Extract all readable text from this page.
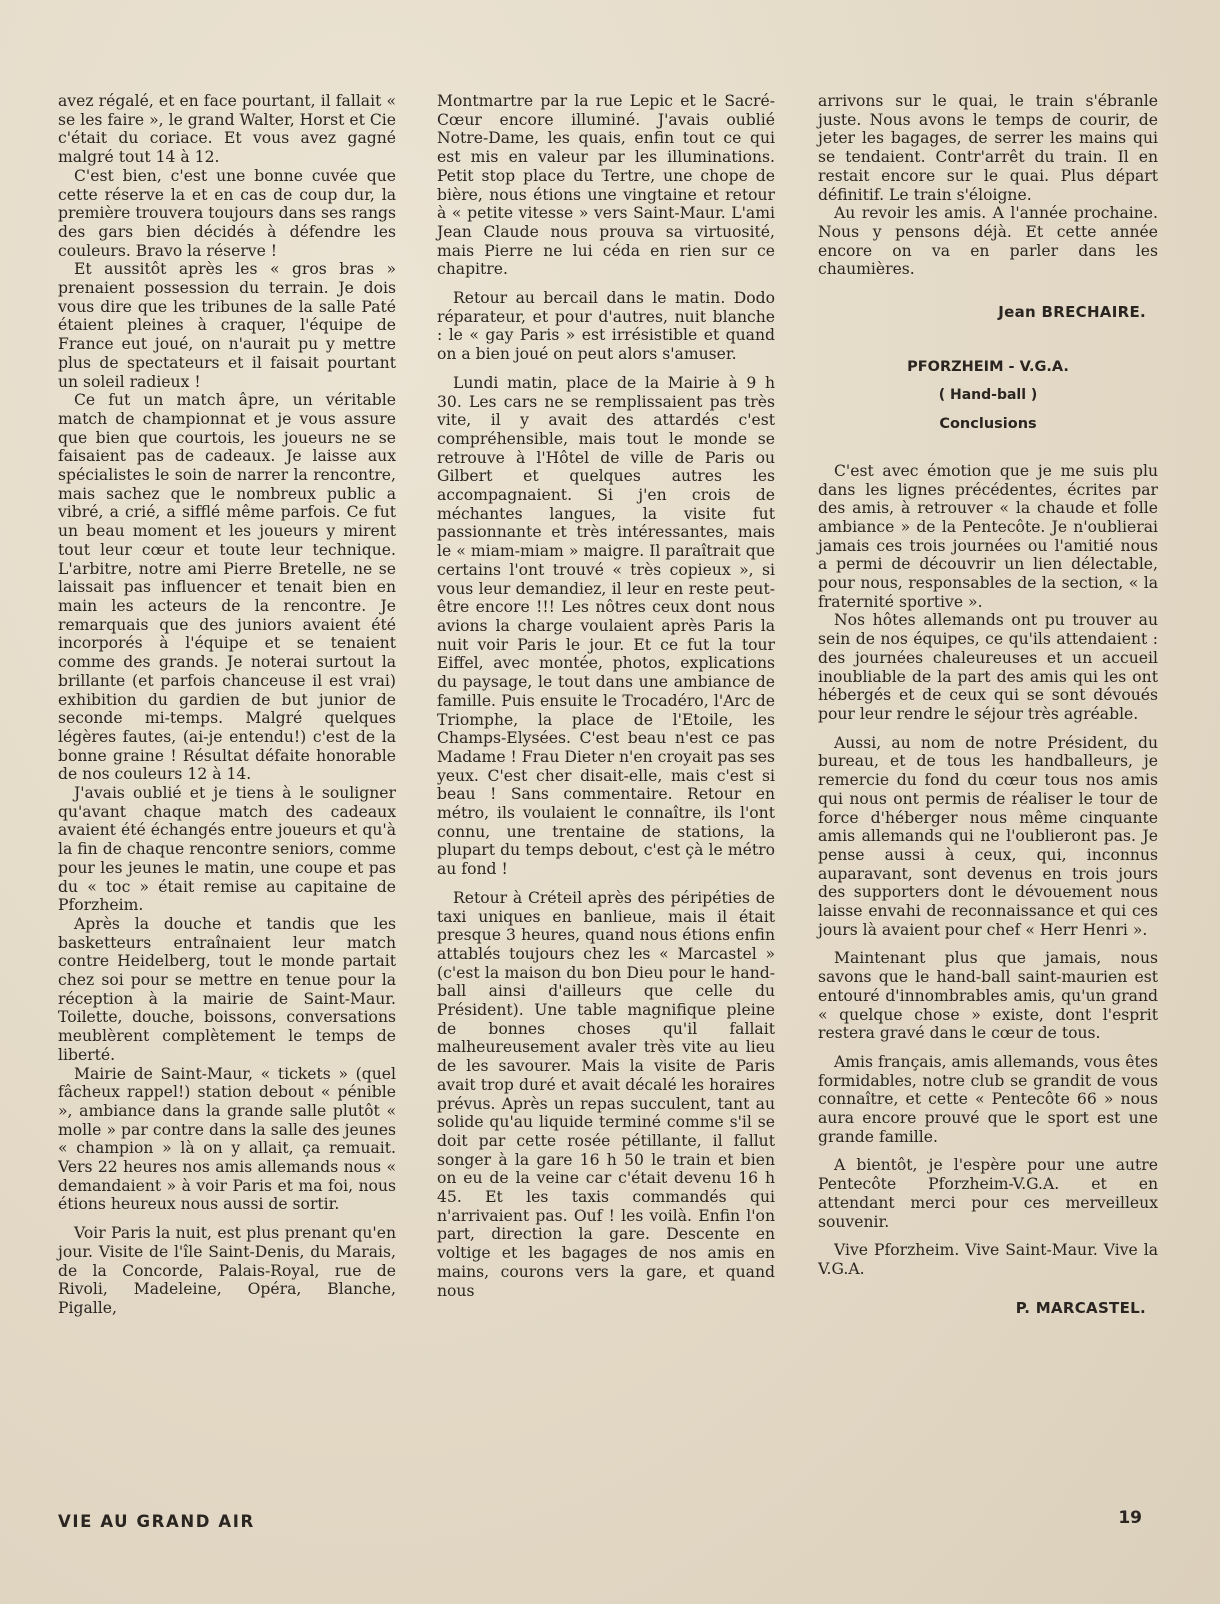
avez régalé, et en face pourtant, il fallait « se les faire », le grand Walter, Horst et Cie c'était du coriace. Et vous avez gagné malgré tout 14 à 12.

C'est bien, c'est une bonne cuvée que cette réserve la et en cas de coup dur, la première trouvera toujours dans ses rangs des gars bien décidés à défendre les couleurs. Bravo la réserve !

Et aussitôt après les « gros bras » prenaient possession du terrain. Je dois vous dire que les tribunes de la salle Paté étaient pleines à craquer, l'équipe de France eut joué, on n'aurait pu y mettre plus de spectateurs et il faisait pourtant un soleil radieux !

Ce fut un match âpre, un véritable match de championnat et je vous assure que bien que courtois, les joueurs ne se faisaient pas de cadeaux. Je laisse aux spécialistes le soin de narrer la rencontre, mais sachez que le nombreux public a vibré, a crié, a sifflé même parfois. Ce fut un beau moment et les joueurs y mirent tout leur cœur et toute leur technique. L'arbitre, notre ami Pierre Bretelle, ne se laissait pas influencer et tenait bien en main les acteurs de la rencontre. Je remarquais que des juniors avaient été incorporés à l'équipe et se tenaient comme des grands. Je noterai surtout la brillante (et parfois chanceuse il est vrai) exhibition du gardien de but junior de seconde mi-temps. Malgré quelques légères fautes, (ai-je entendu!) c'est de la bonne graine ! Résultat défaite honorable de nos couleurs 12 à 14.

J'avais oublié et je tiens à le souligner qu'avant chaque match des cadeaux avaient été échangés entre joueurs et qu'à la fin de chaque rencontre seniors, comme pour les jeunes le matin, une coupe et pas du « toc » était remise au capitaine de Pforzheim.

Après la douche et tandis que les basketteurs entraînaient leur match contre Heidelberg, tout le monde partait chez soi pour se mettre en tenue pour la réception à la mairie de Saint-Maur. Toilette, douche, boissons, conversations meublèrent complètement le temps de liberté.

Mairie de Saint-Maur, « tickets » (quel fâcheux rappel!) station debout « pénible », ambiance dans la grande salle plutôt « molle » par contre dans la salle des jeunes « champion » là on y allait, ça remuait. Vers 22 heures nos amis allemands nous « demandaient » à voir Paris et ma foi, nous étions heureux nous aussi de sortir.

Voir Paris la nuit, est plus prenant qu'en jour. Visite de l'île Saint-Denis, du Marais, de la Concorde, Palais-Royal, rue de Rivoli, Madeleine, Opéra, Blanche, Pigalle,

Montmartre par la rue Lepic et le Sacré-Cœur encore illuminé. J'avais oublié Notre-Dame, les quais, enfin tout ce qui est mis en valeur par les illuminations. Petit stop place du Tertre, une chope de bière, nous étions une vingtaine et retour à « petite vitesse » vers Saint-Maur. L'ami Jean Claude nous prouva sa virtuosité, mais Pierre ne lui céda en rien sur ce chapitre.

Retour au bercail dans le matin. Dodo réparateur, et pour d'autres, nuit blanche : le « gay Paris » est irrésistible et quand on a bien joué on peut alors s'amuser.

Lundi matin, place de la Mairie à 9 h 30. Les cars ne se remplissaient pas très vite, il y avait des attardés c'est compréhensible, mais tout le monde se retrouve à l'Hôtel de ville de Paris ou Gilbert et quelques autres les accompagnaient. Si j'en crois de méchantes langues, la visite fut passionnante et très intéressantes, mais le « miam-miam » maigre. Il paraîtrait que certains l'ont trouvé « très copieux », si vous leur demandiez, il leur en reste peut-être encore !!! Les nôtres ceux dont nous avions la charge voulaient après Paris la nuit voir Paris le jour. Et ce fut la tour Eiffel, avec montée, photos, explications du paysage, le tout dans une ambiance de famille. Puis ensuite le Trocadéro, l'Arc de Triomphe, la place de l'Etoile, les Champs-Elysées. C'est beau n'est ce pas Madame ! Frau Dieter n'en croyait pas ses yeux. C'est cher disait-elle, mais c'est si beau ! Sans commentaire. Retour en métro, ils voulaient le connaître, ils l'ont connu, une trentaine de stations, la plupart du temps debout, c'est çà le métro au fond !

Retour à Créteil après des péripéties de taxi uniques en banlieue, mais il était presque 3 heures, quand nous étions enfin attablés toujours chez les « Marcastel » (c'est la maison du bon Dieu pour le hand-ball ainsi d'ailleurs que celle du Président). Une table magnifique pleine de bonnes choses qu'il fallait malheureusement avaler très vite au lieu de les savourer. Mais la visite de Paris avait trop duré et avait décalé les horaires prévus. Après un repas succulent, tant au solide qu'au liquide terminé comme s'il se doit par cette rosée pétillante, il fallut songer à la gare 16 h 50 le train et bien on eu de la veine car c'était devenu 16 h 45. Et les taxis commandés qui n'arrivaient pas. Ouf ! les voilà. Enfin l'on part, direction la gare. Descente en voltige et les bagages de nos amis en mains, courons vers la gare, et quand nous

arrivons sur le quai, le train s'ébranle juste. Nous avons le temps de courir, de jeter les bagages, de serrer les mains qui se tendaient. Contr'arrêt du train. Il en restait encore sur le quai. Plus départ définitif. Le train s'éloigne.

Au revoir les amis. A l'année prochaine. Nous y pensons déjà. Et cette année encore on va en parler dans les chaumières.

Jean BRECHAIRE.
PFORZHEIM - V.G.A.
( Hand-ball )
Conclusions

C'est avec émotion que je me suis plu dans les lignes précédentes, écrites par des amis, à retrouver « la chaude et folle ambiance » de la Pentecôte. Je n'oublierai jamais ces trois journées ou l'amitié nous a permi de découvrir un lien délectable, pour nous, responsables de la section, « la fraternité sportive ».

Nos hôtes allemands ont pu trouver au sein de nos équipes, ce qu'ils attendaient : des journées chaleureuses et un accueil inoubliable de la part des amis qui les ont hébergés et de ceux qui se sont dévoués pour leur rendre le séjour très agréable.

Aussi, au nom de notre Président, du bureau, et de tous les handballeurs, je remercie du fond du cœur tous nos amis qui nous ont permis de réaliser le tour de force d'héberger nous même cinquante amis allemands qui ne l'oublieront pas. Je pense aussi à ceux, qui, inconnus auparavant, sont devenus en trois jours des supporters dont le dévouement nous laisse envahi de reconnaissance et qui ces jours là avaient pour chef « Herr Henri ».

Maintenant plus que jamais, nous savons que le hand-ball saint-maurien est entouré d'innombrables amis, qu'un grand « quelque chose » existe, dont l'esprit restera gravé dans le cœur de tous.

Amis français, amis allemands, vous êtes formidables, notre club se grandit de vous connaître, et cette « Pentecôte 66 » nous aura encore prouvé que le sport est une grande famille.

A bientôt, je l'espère pour une autre Pentecôte Pforzheim-V.G.A. et en attendant merci pour ces merveilleux souvenir.

Vive Pforzheim. Vive Saint-Maur. Vive la V.G.A.

P. MARCASTEL.
VIE AU GRAND AIR	19
